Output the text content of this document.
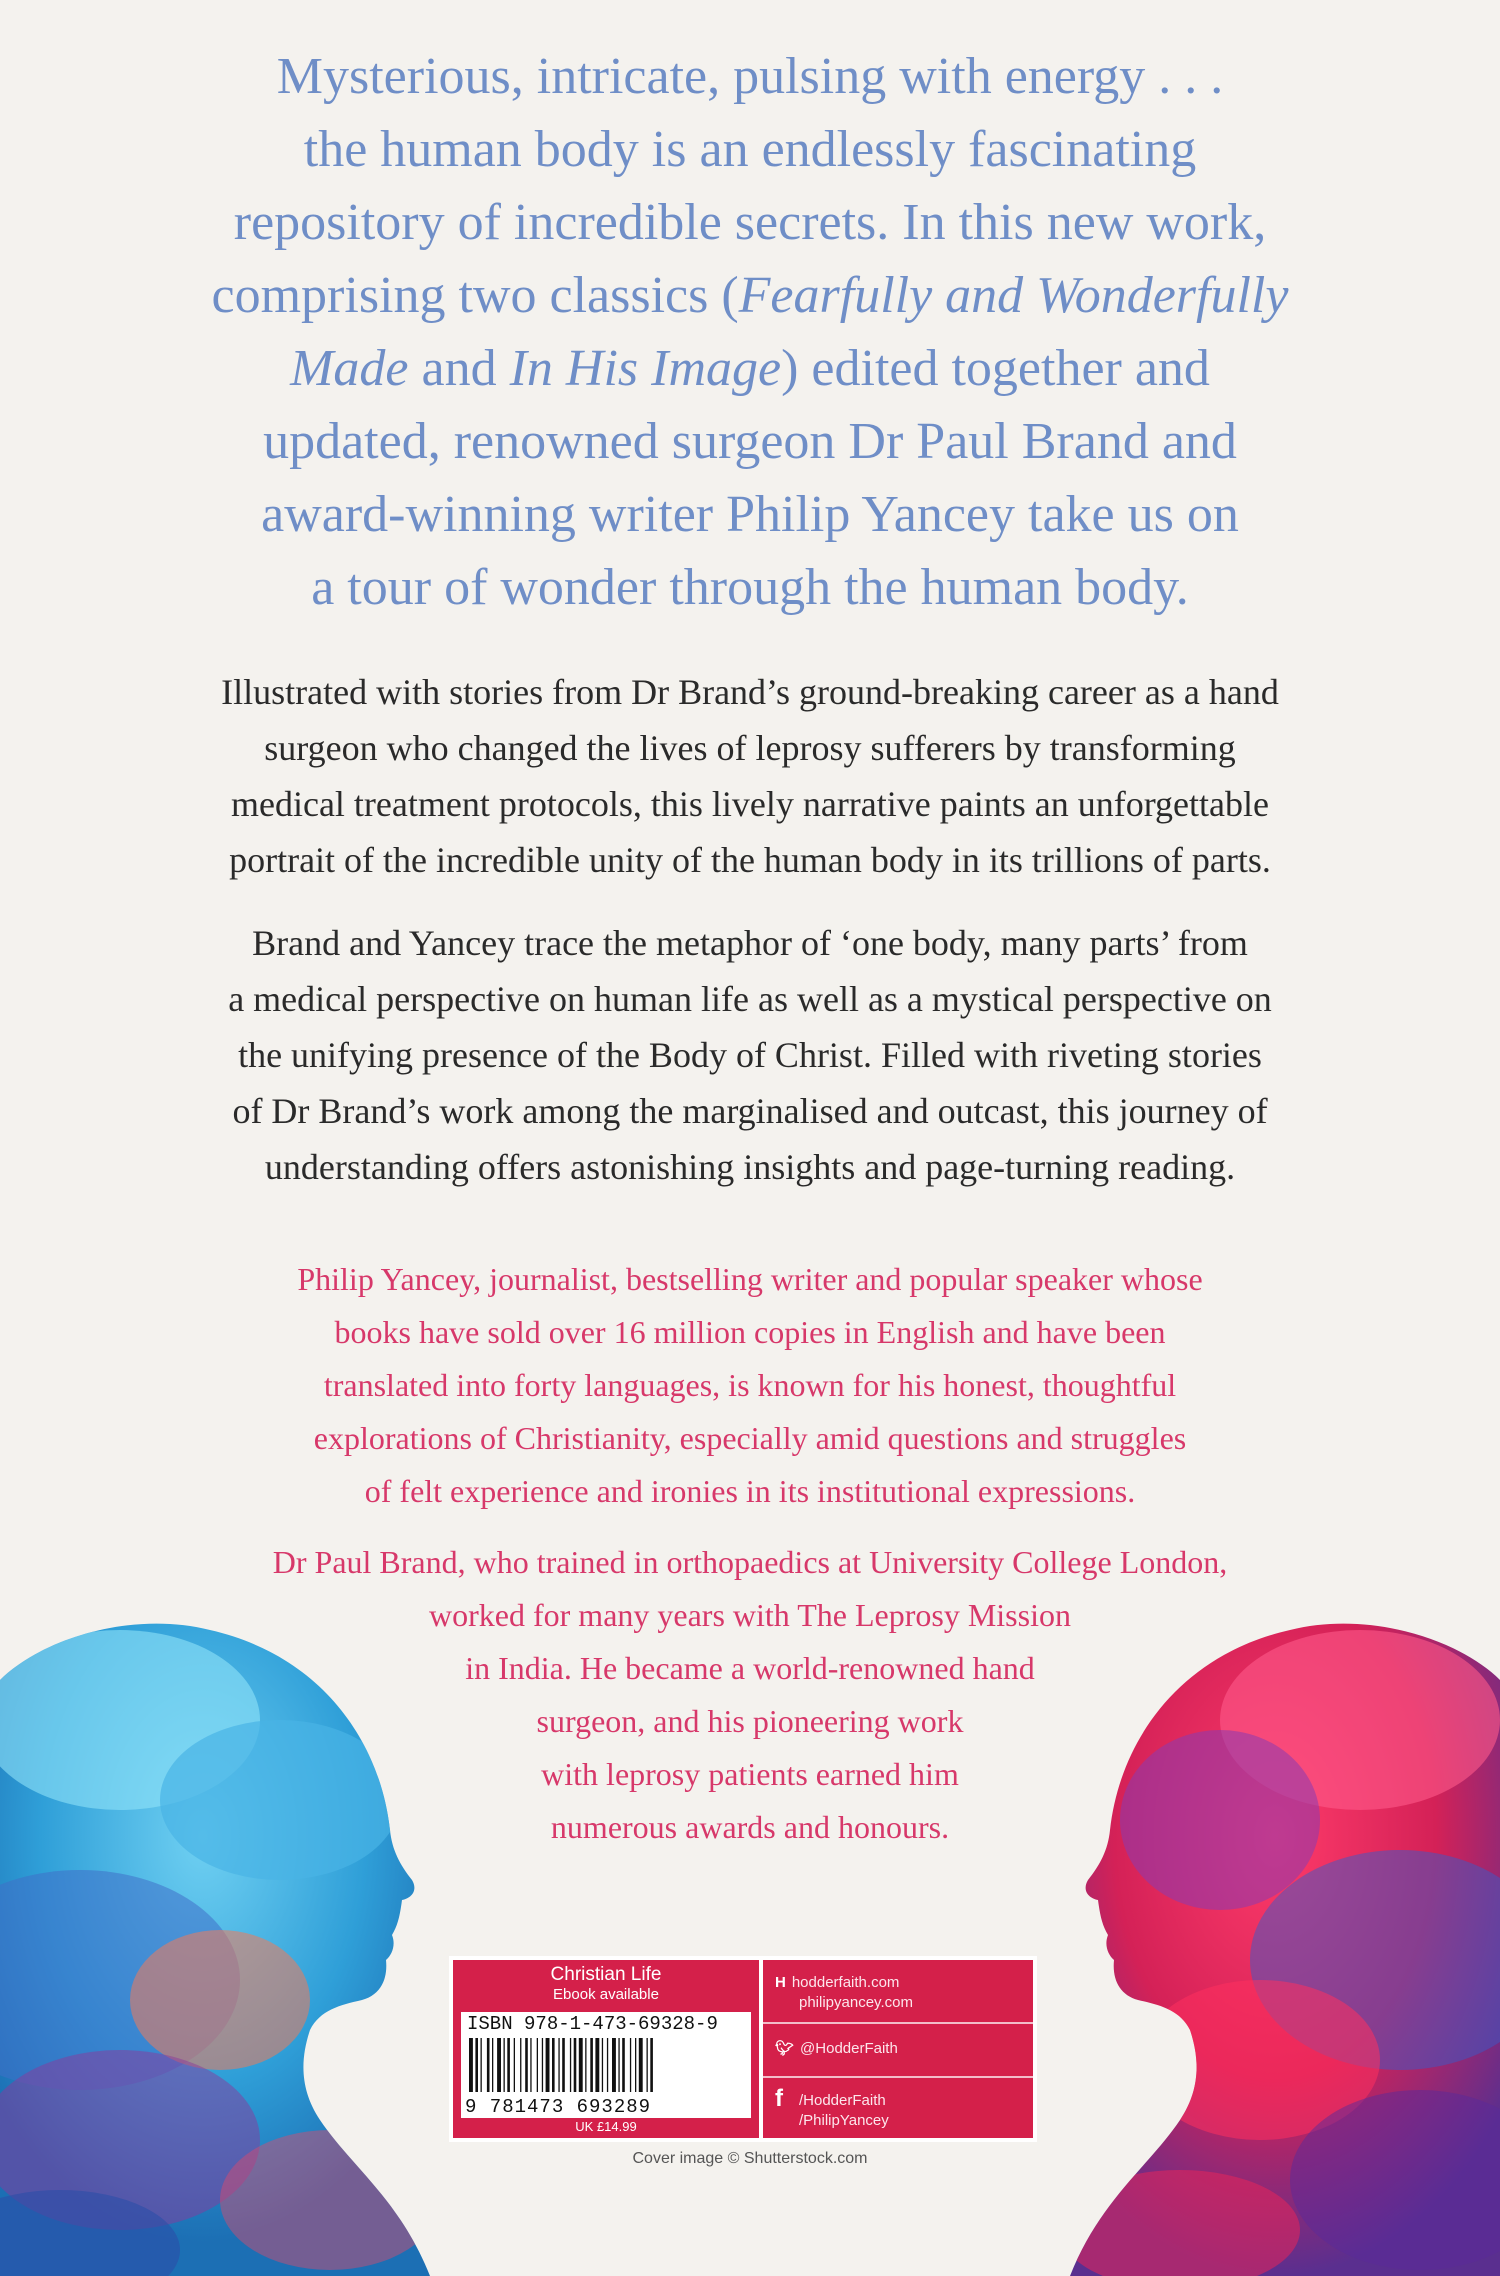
Mysterious, intricate, pulsing with energy . . .
the human body is an endlessly fascinating
repository of incredible secrets. In this new work,
comprising two classics (Fearfully and Wonderfully
Made and In His Image) edited together and
updated, renowned surgeon Dr Paul Brand and
award-winning writer Philip Yancey take us on
a tour of wonder through the human body.
Illustrated with stories from Dr Brand’s ground-breaking career as a hand
surgeon who changed the lives of leprosy sufferers by transforming
medical treatment protocols, this lively narrative paints an unforgettable
portrait of the incredible unity of the human body in its trillions of parts.
Brand and Yancey trace the metaphor of ‘one body, many parts’ from
a medical perspective on human life as well as a mystical perspective on
the unifying presence of the Body of Christ. Filled with riveting stories
of Dr Brand’s work among the marginalised and outcast, this journey of
understanding offers astonishing insights and page-turning reading.
Philip Yancey, journalist, bestselling writer and popular speaker whose
books have sold over 16 million copies in English and have been
translated into forty languages, is known for his honest, thoughtful
explorations of Christianity, especially amid questions and struggles
of felt experience and ironies in its institutional expressions.
Dr Paul Brand, who trained in orthopaedics at University College London,
worked for many years with The Leprosy Mission
in India. He became a world-renowned hand
surgeon, and his pioneering work
with leprosy patients earned him
numerous awards and honours.
Christian Life
Ebook available
ISBN 978-1-473-69328-9
9 781473 693289
UK £14.99
H hodderfaith.com
philipyancey.com
🐦︎ @HodderFaith
f	/HodderFaith
/PhilipYancey
Cover image © Shutterstock.com
